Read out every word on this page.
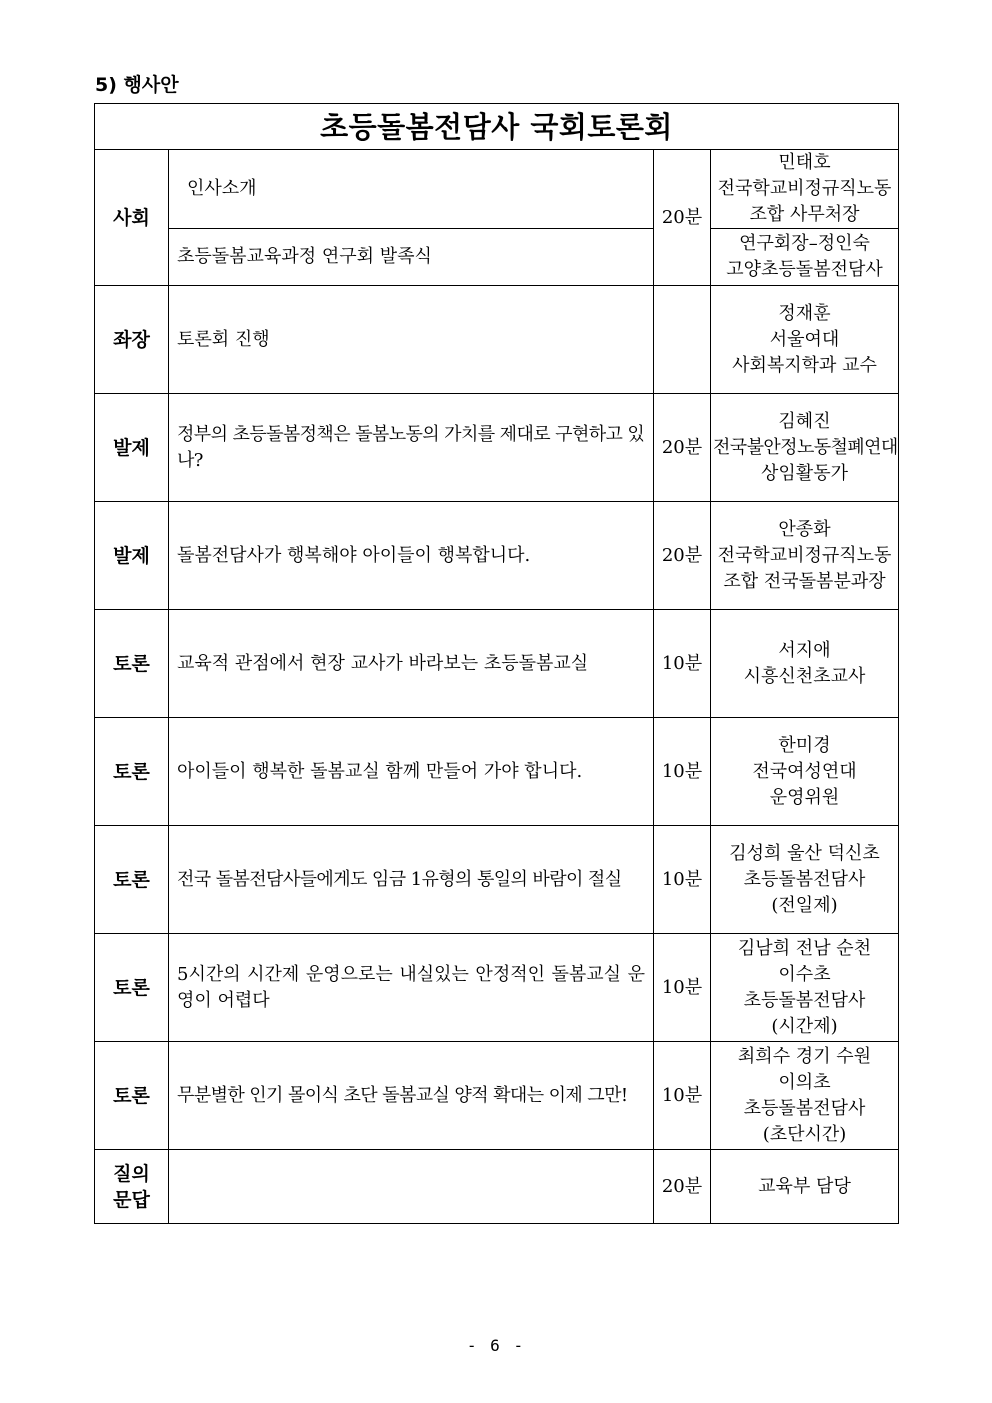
5) 행사안
초등돌봄전담사 국회토론회			

사회	인사소개	20분	민태호
전국학교비정규직노동
조합 사무처장

	초등돌봄교육과정 연구회 발족식		연구회장–정인숙
고양초등돌봄전담사

좌장	토론회 진행		정재훈
서울여대
사회복지학과 교수

발제	정부의 초등돌봄정책은 돌봄노동의 가치를 제대로 구현하고 있나?	20분	김혜진
전국불안정노동철폐연대
상임활동가

발제	돌봄전담사가 행복해야 아이들이 행복합니다.	20분	안종화
전국학교비정규직노동
조합 전국돌봄분과장

토론	교육적 관점에서 현장 교사가 바라보는 초등돌봄교실	10분	서지애
시흥신천초교사

토론	아이들이 행복한 돌봄교실 함께 만들어 가야 합니다.	10분	한미경
전국여성연대
운영위원

토론	전국 돌봄전담사들에게도 임금 1유형의 통일의 바람이 절실	10분	김성희 울산 덕신초
초등돌봄전담사
(전일제)

토론	5시간의 시간제 운영으로는 내실있는 안정적인 돌봄교실 운영이 어렵다	10분	김남희 전남 순천
이수초
초등돌봄전담사
(시간제)

토론	무분별한 인기 몰이식 초단 돌봄교실 양적 확대는 이제 그만!	10분	최희수 경기 수원
이의초
초등돌봄전담사
(초단시간)

질의
문답		20분	교육부 담당
- 6 -
